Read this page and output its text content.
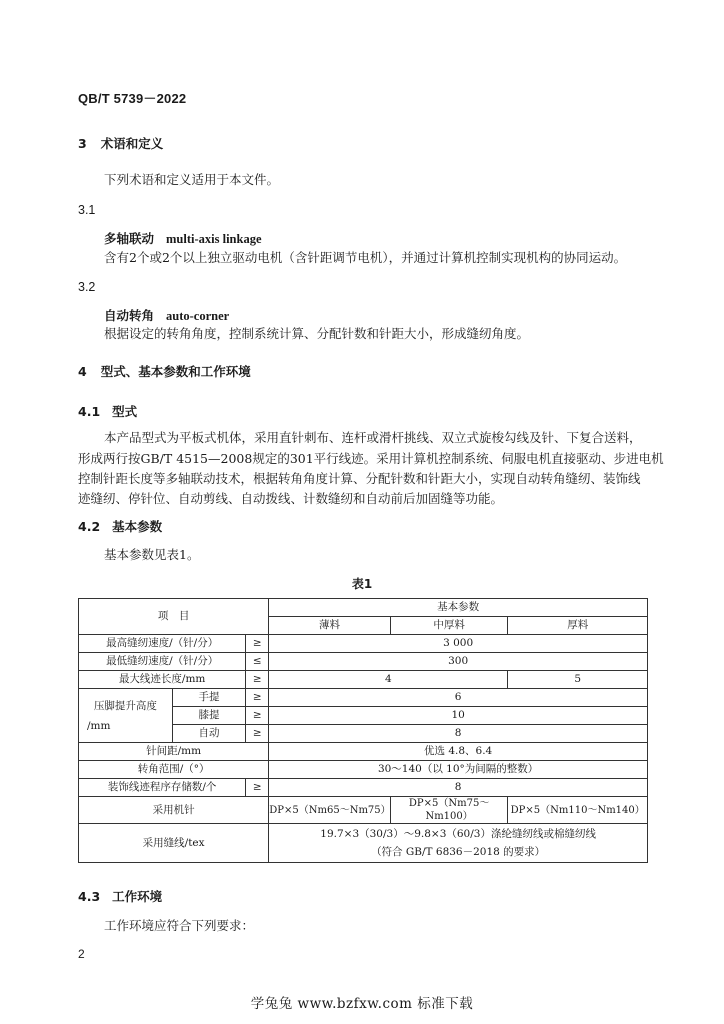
QB/T 5739－2022
3 术语和定义
下列术语和定义适用于本文件。
3.1
多轴联动 multi-axis linkage
含有2个或2个以上独立驱动电机（含针距调节电机），并通过计算机控制实现机构的协同运动。
3.2
自动转角 auto-corner
根据设定的转角角度，控制系统计算、分配针数和针距大小，形成缝纫角度。
4 型式、基本参数和工作环境
4.1 型式
本产品型式为平板式机体，采用直针刺布、连杆或滑杆挑线、双立式旋梭勾线及针、下复合送料，
形成两行按GB/T 4515—2008规定的301平行线迹。采用计算机控制系统、伺服电机直接驱动、步进电机
控制针距长度等多轴联动技术，根据转角角度计算、分配针数和针距大小，实现自动转角缝纫、装饰线
迹缝纫、停针位、自动剪线、自动拨线、计数缝纫和自动前后加固缝等功能。
4.2 基本参数
基本参数见表1。
表1
项　目			基本参数		
			薄料	中厚料	厚料
最高缝纫速度/（针/分）		≥	3 000		
最低缝纫速度/（针/分）		≤	300		
最大线迹长度/mm		≥	4		5

压脚提升高度
/mm	手提	≥	6		
	膝提	≥	10		
	自动	≥	8		
针间距/mm			优选 4.8、6.4		
转角范围/（°）			30～140（以 10°为间隔的整数）		
装饰线迹程序存储数/个		≥	8		
采用机针			DP×5（Nm65～Nm75）	DP×5（Nm75～Nm100）	DP×5（Nm110～Nm140）
采用缝线/tex			19.7×3（30/3）～9.8×3（60/3）涤纶缝纫线或棉缝纫线
（符合 GB/T 6836－2018 的要求）		
4.3 工作环境
工作环境应符合下列要求：
2
学兔兔 www.bzfxw.com 标准下载
